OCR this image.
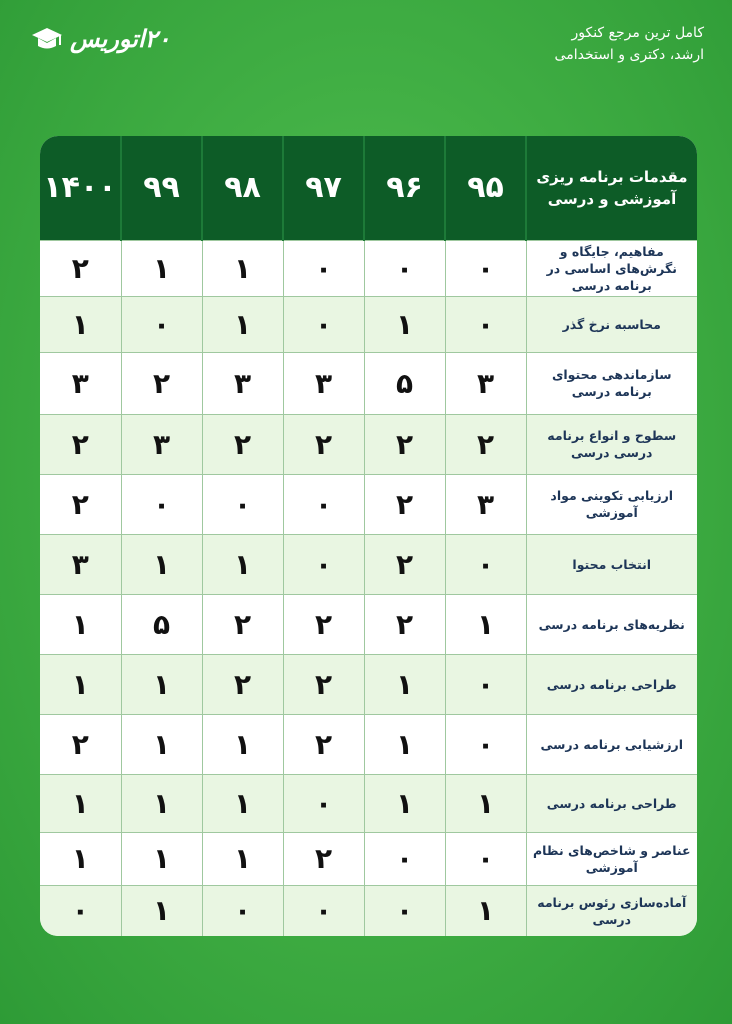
۲۰اتوریس	کامل ترین مرجع کنکور
ارشد، دکتری و استخدامی
مقدمات برنامه ریزی آموزشی و درسی	۹۵	۹۶	۹۷	۹۸	۹۹	۱۴۰۰
مفاهیم، جایگاه و نگرش‌های اساسی در برنامه درسی	۰	۰	۰	۱	۱	۲
محاسبه نرخ گذر	۰	۱	۰	۱	۰	۱
سازماندهی محتوای برنامه درسی	۳	۵	۳	۳	۲	۳
سطوح و انواع برنامه درسی درسی	۲	۲	۲	۲	۳	۲
ارزیابی تکوینی مواد آموزشی	۳	۲	۰	۰	۰	۲
انتخاب محتوا	۰	۲	۰	۱	۱	۳
نظریه‌های برنامه درسی	۱	۲	۲	۲	۵	۱
طراحی برنامه درسی	۰	۱	۲	۲	۱	۱
ارزشیابی برنامه درسی	۰	۱	۲	۱	۱	۲
طراحی برنامه درسی	۱	۱	۰	۱	۱	۱
عناصر و شاخص‌های نظام آموزشی	۰	۰	۲	۱	۱	۱
آماده‌سازی رئوس برنامه درسی	۱	۰	۰	۰	۱	۰
